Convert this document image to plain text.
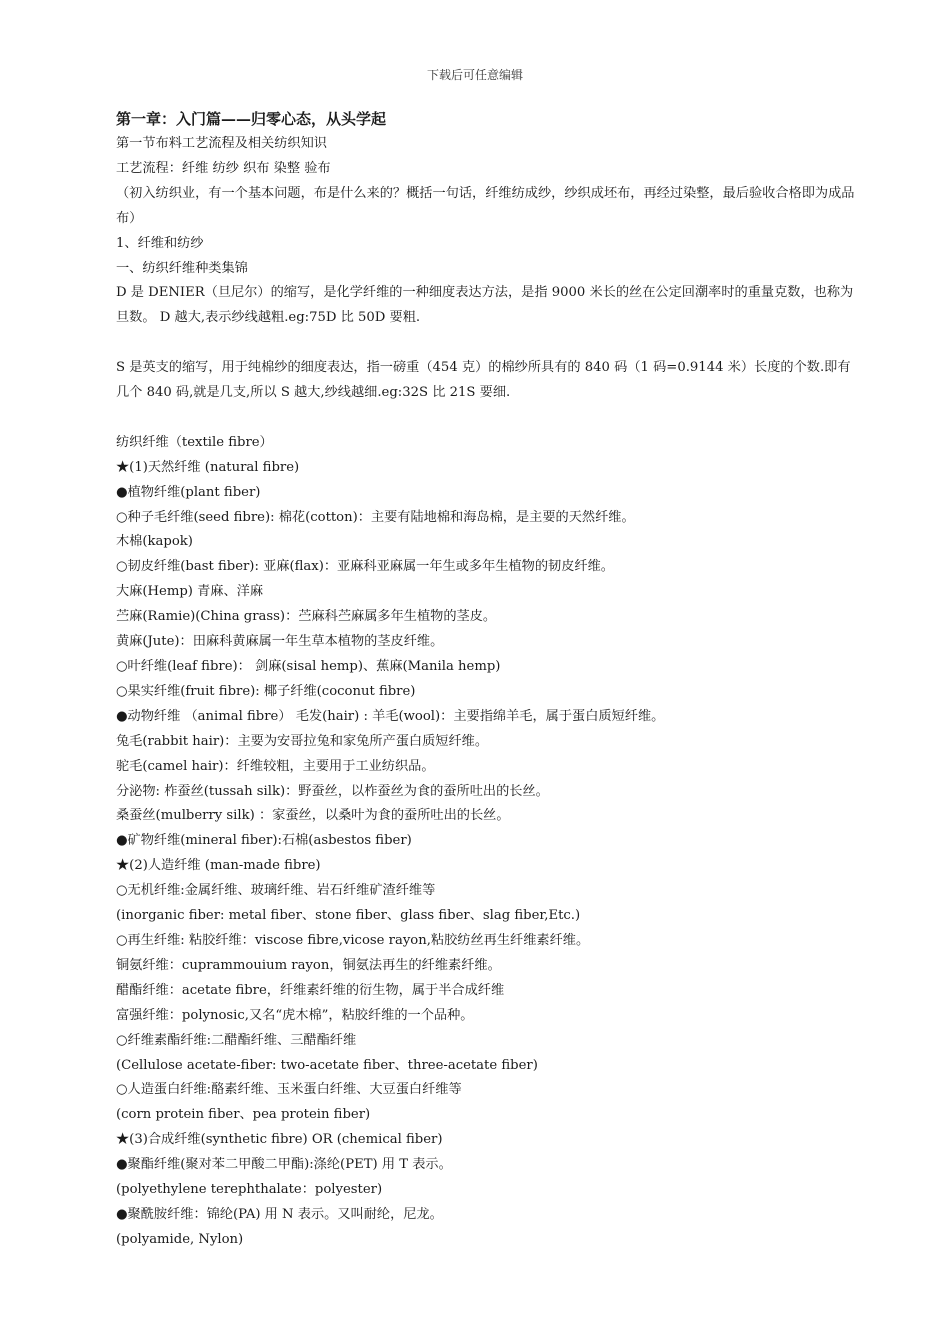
下载后可任意编辑

第一章：入门篇——归零心态，从头学起

第一节布料工艺流程及相关纺织知识

工艺流程：纤维 纺纱 织布 染整 验布

（初入纺织业，有一个基本问题，布是什么来的？概括一句话，纤维纺成纱，纱织成坯布，再经过染整，最后验收合格即为成品布）

1、纤维和纺纱

一、纺织纤维种类集锦

D 是 DENIER（旦尼尔）的缩写，是化学纤维的一种细度表达方法，是指 9000 米长的丝在公定回潮率时的重量克数，也称为旦数。 D 越大,表示纱线越粗.eg:75D 比 50D 要粗.

S 是英支的缩写，用于纯棉纱的细度表达，指一磅重（454 克）的棉纱所具有的 840 码（1 码=0.9144 米）长度的个数.即有几个 840 码,就是几支,所以 S 越大,纱线越细.eg:32S 比 21S 要细.

纺织纤维（textile fibre）

★(1)天然纤维 (natural fibre)

●植物纤维(plant fiber)

○种子毛纤维(seed fibre): 棉花(cotton)：主要有陆地棉和海岛棉，是主要的天然纤维。

木棉(kapok)

○韧皮纤维(bast fiber): 亚麻(flax)：亚麻科亚麻属一年生或多年生植物的韧皮纤维。

大麻(Hemp) 青麻、洋麻

苎麻(Ramie)(China grass)：苎麻科苎麻属多年生植物的茎皮。

黄麻(Jute)：田麻科黄麻属一年生草本植物的茎皮纤维。

○叶纤维(leaf fibre)： 剑麻(sisal hemp)、蕉麻(Manila hemp)

○果实纤维(fruit fibre): 椰子纤维(coconut fibre)

●动物纤维 （animal fibre） 毛发(hair) : 羊毛(wool)：主要指绵羊毛，属于蛋白质短纤维。

兔毛(rabbit hair)：主要为安哥拉兔和家兔所产蛋白质短纤维。

驼毛(camel hair)：纤维较粗，主要用于工业纺织品。

分泌物: 柞蚕丝(tussah silk)：野蚕丝，以柞蚕丝为食的蚕所吐出的长丝。

桑蚕丝(mulberry silk) ：家蚕丝，以桑叶为食的蚕所吐出的长丝。

●矿物纤维(mineral fiber):石棉(asbestos fiber)

★(2)人造纤维 (man-made fibre)

○无机纤维:金属纤维、玻璃纤维、岩石纤维矿渣纤维等

(inorganic fiber: metal fiber、stone fiber、glass fiber、slag fiber,Etc.)

○再生纤维: 粘胶纤维：viscose fibre,vicose rayon,粘胶纺丝再生纤维素纤维。

铜氨纤维：cuprammouium rayon，铜氨法再生的纤维素纤维。

醋酯纤维：acetate fibre，纤维素纤维的衍生物，属于半合成纤维

富强纤维：polynosic,又名“虎木棉”，粘胶纤维的一个品种。

○纤维素酯纤维:二醋酯纤维、三醋酯纤维

(Cellulose acetate-fiber: two-acetate fiber、three-acetate fiber)

○人造蛋白纤维:酪素纤维、玉米蛋白纤维、大豆蛋白纤维等

(corn protein fiber、pea protein fiber)

★(3)合成纤维(synthetic fibre) OR (chemical fiber)

●聚酯纤维(聚对苯二甲酸二甲酯):涤纶(PET) 用 T 表示。

(polyethylene terephthalate：polyester)

●聚酰胺纤维：锦纶(PA) 用 N 表示。又叫耐纶，尼龙。

(polyamide, Nylon)
